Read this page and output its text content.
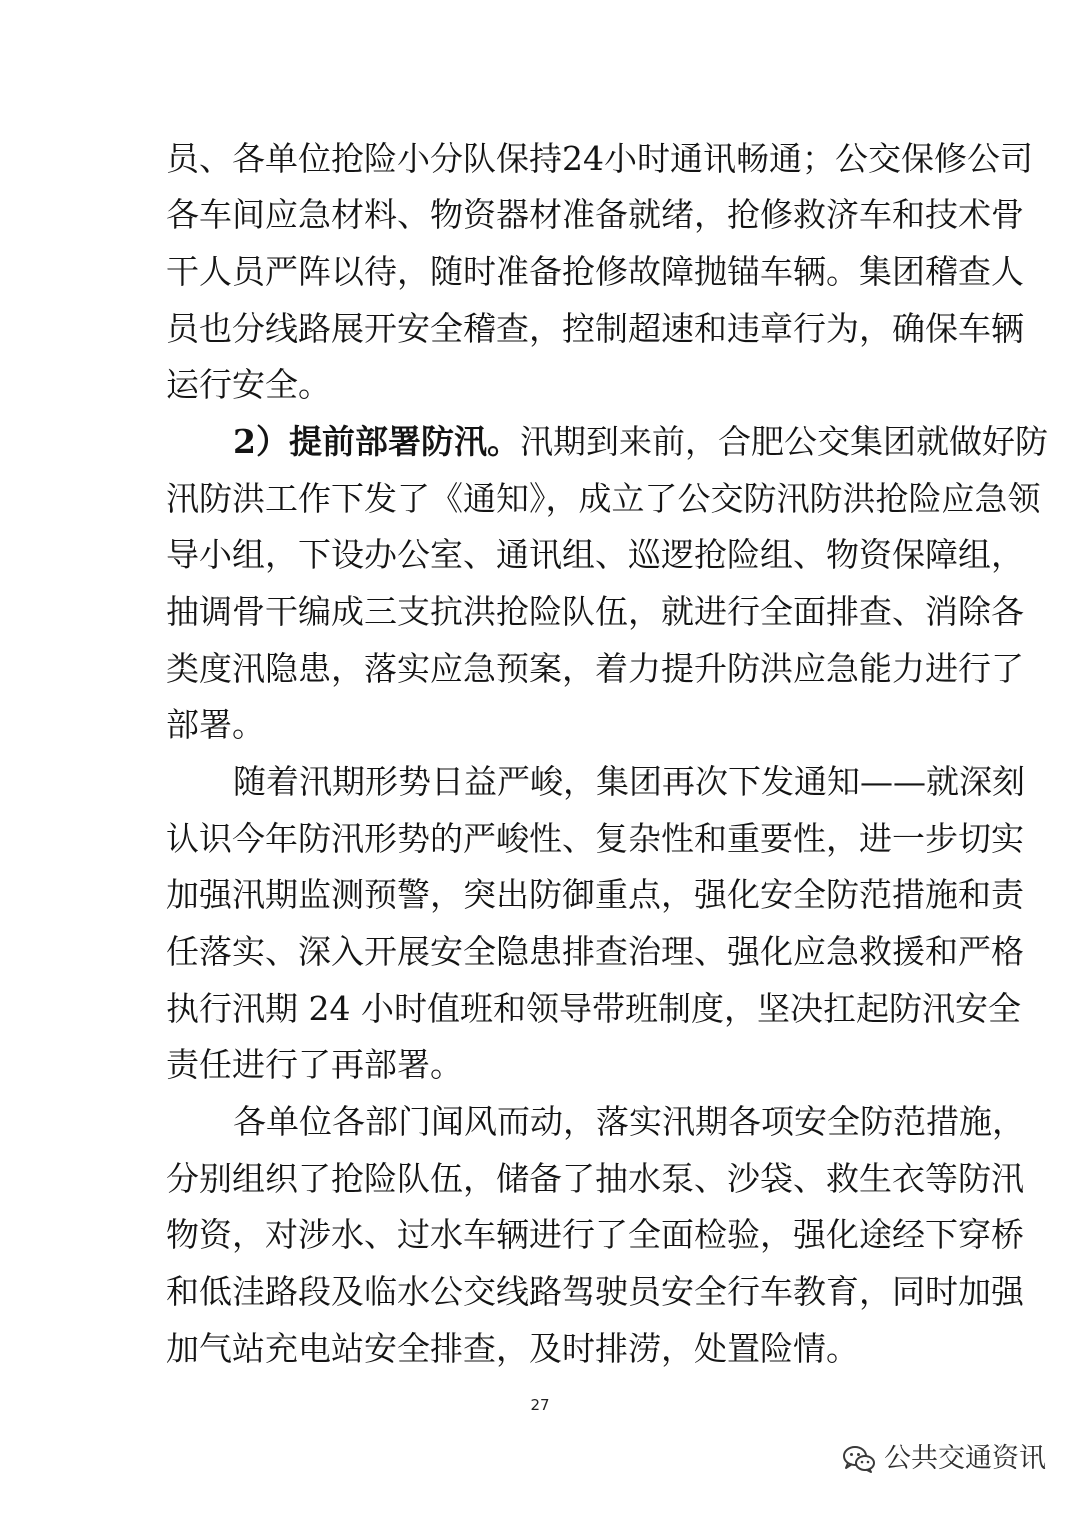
员、各单位抢险小分队保持24小时通讯畅通；公交保修公司
各车间应急材料、物资器材准备就绪，抢修救济车和技术骨
干人员严阵以待，随时准备抢修故障抛锚车辆。集团稽查人
员也分线路展开安全稽查，控制超速和违章行为，确保车辆
运行安全。
2）提前部署防汛。汛期到来前，合肥公交集团就做好防
汛防洪工作下发了《通知》，成立了公交防汛防洪抢险应急领
导小组，下设办公室、通讯组、巡逻抢险组、物资保障组，
抽调骨干编成三支抗洪抢险队伍，就进行全面排查、消除各
类度汛隐患，落实应急预案，着力提升防洪应急能力进行了
部署。
随着汛期形势日益严峻，集团再次下发通知——就深刻
认识今年防汛形势的严峻性、复杂性和重要性，进一步切实
加强汛期监测预警，突出防御重点，强化安全防范措施和责
任落实、深入开展安全隐患排查治理、强化应急救援和严格
执行汛期 24 小时值班和领导带班制度，坚决扛起防汛安全
责任进行了再部署。
各单位各部门闻风而动，落实汛期各项安全防范措施，
分别组织了抢险队伍，储备了抽水泵、沙袋、救生衣等防汛
物资，对涉水、过水车辆进行了全面检验，强化途经下穿桥
和低洼路段及临水公交线路驾驶员安全行车教育，同时加强
加气站充电站安全排查，及时排涝，处置险情。
27
公共交通资讯
